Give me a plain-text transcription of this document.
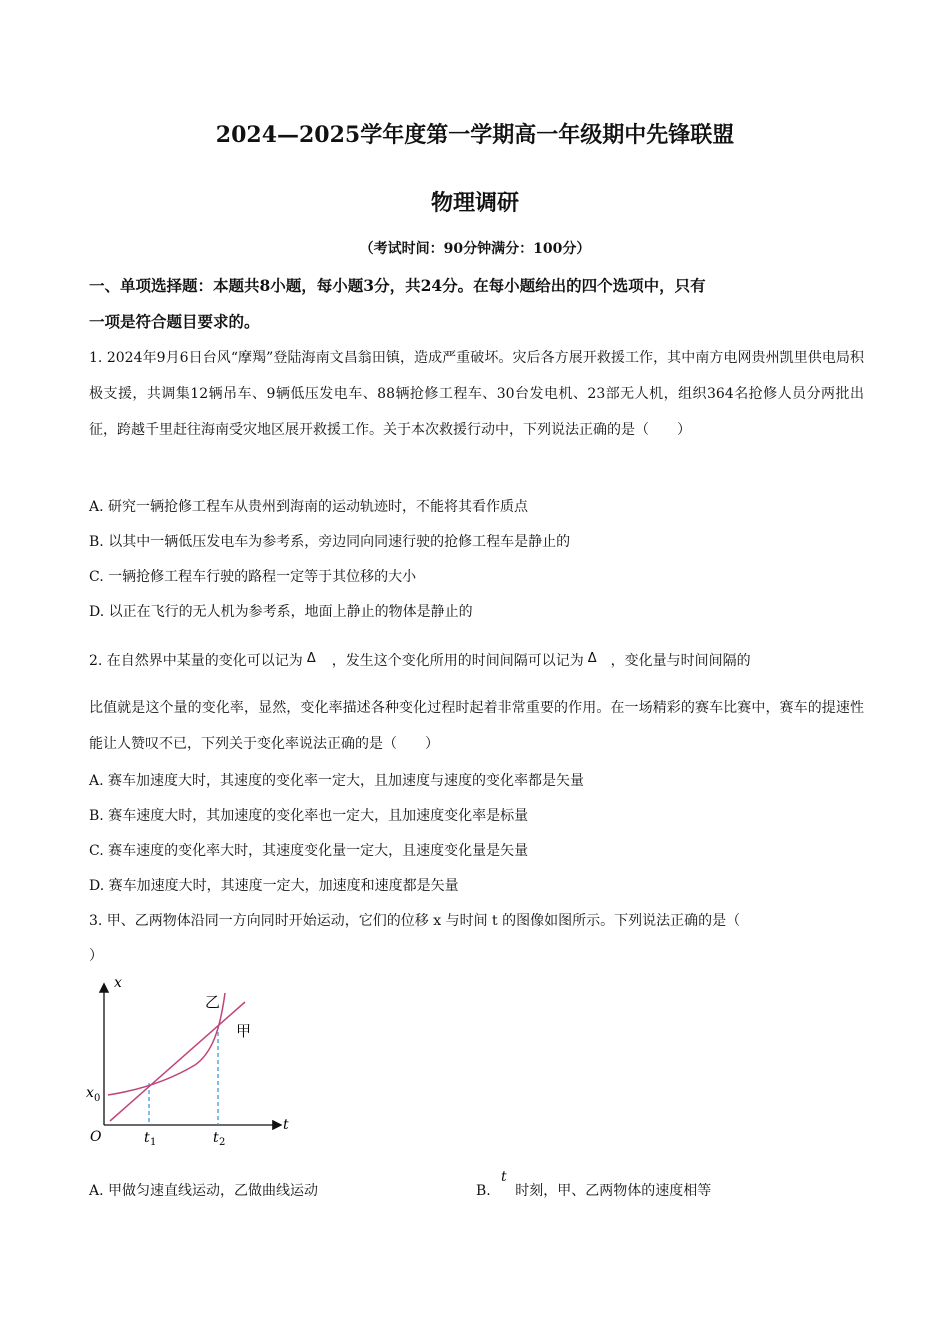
2024—2025学年度第一学期高一年级期中先锋联盟
物理调研
（考试时间：90分钟满分：100分）
一、单项选择题：本题共8小题，每小题3分，共24分。在每小题给出的四个选项中，只有
一项是符合题目要求的。
1. 2024年9月6日台风“摩羯”登陆海南文昌翁田镇，造成严重破坏。灾后各方展开救援工作，其中南方电网贵州凯里供电局积极支援，共调集12辆吊车、9辆低压发电车、88辆抢修工程车、30台发电机、23部无人机，组织364名抢修人员分两批出征，跨越千里赶往海南受灾地区展开救援工作。关于本次救援行动中，下列说法正确的是（　　）
A. 研究一辆抢修工程车从贵州到海南的运动轨迹时，不能将其看作质点
B. 以其中一辆低压发电车为参考系，旁边同向同速行驶的抢修工程车是静止的
C. 一辆抢修工程车行驶的路程一定等于其位移的大小
D. 以正在飞行的无人机为参考系，地面上静止的物体是静止的
2. 在自然界中某量的变化可以记为 Δ ，发生这个变化所用的时间间隔可以记为 Δ ，变化量与时间间隔的
比值就是这个量的变化率，显然，变化率描述各种变化过程时起着非常重要的作用。在一场精彩的赛车比赛中，赛车的提速性能让人赞叹不已，下列关于变化率说法正确的是（　　）
A. 赛车加速度大时，其速度的变化率一定大，且加速度与速度的变化率都是矢量
B. 赛车速度大时，其加速度的变化率也一定大，且加速度变化率是标量
C. 赛车速度的变化率大时，其速度变化量一定大，且速度变化量是矢量
D. 赛车加速度大时，其速度一定大，加速度和速度都是矢量
3. 甲、乙两物体沿同一方向同时开始运动，它们的位移 x 与时间 t 的图像如图所示。下列说法正确的是（
）
x
t
O
x 0
t 1	t 2
乙
甲
A. 甲做匀速直线运动，乙做曲线运动	B.
t
时刻，甲、乙两物体的速度相等
